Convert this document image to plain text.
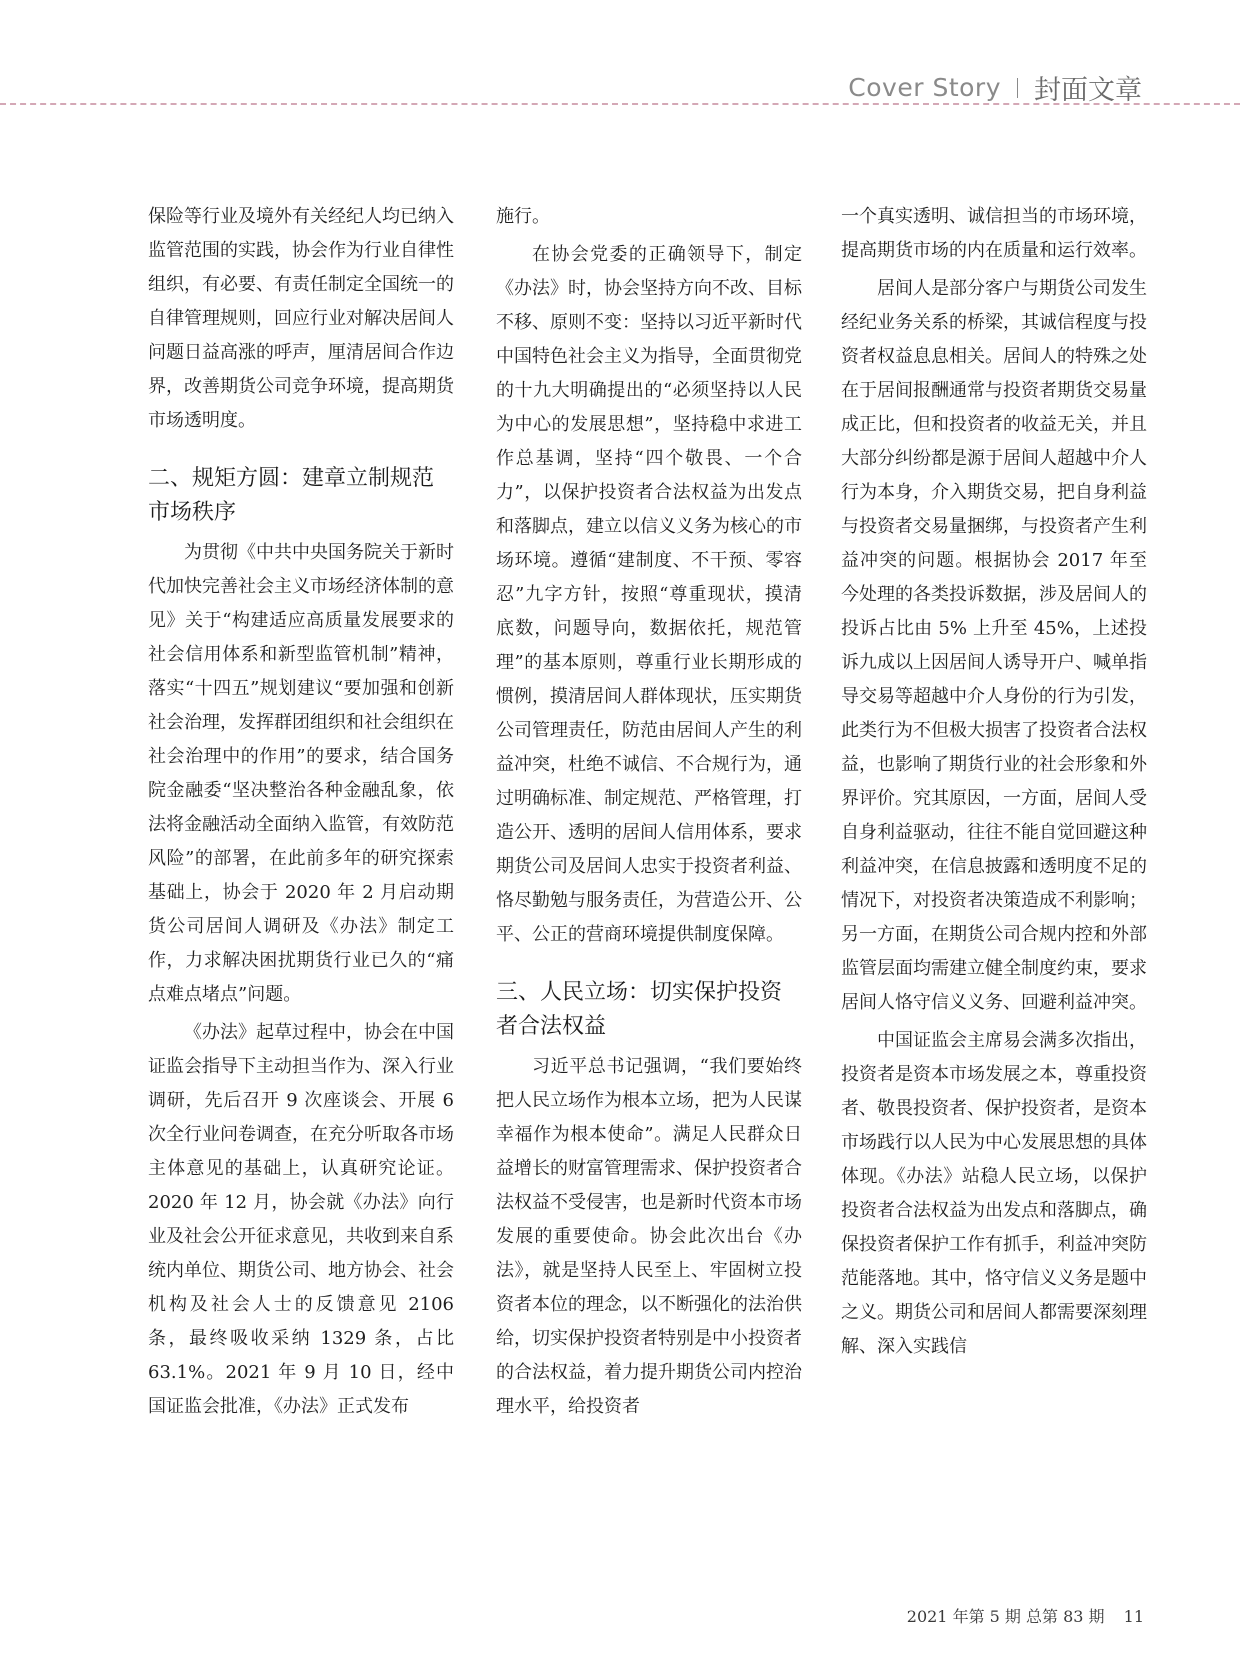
Cover Story 封面文章

保险等行业及境外有关经纪人均已纳入监管范围的实践，协会作为行业自律性组织，有必要、有责任制定全国统一的自律管理规则，回应行业对解决居间人问题日益高涨的呼声，厘清居间合作边界，改善期货公司竞争环境，提高期货市场透明度。

二、规矩方圆：建章立制规范市场秩序

为贯彻《中共中央国务院关于新时代加快完善社会主义市场经济体制的意见》关于“构建适应高质量发展要求的社会信用体系和新型监管机制”精神，落实“十四五”规划建议“要加强和创新社会治理，发挥群团组织和社会组织在社会治理中的作用”的要求，结合国务院金融委“坚决整治各种金融乱象，依法将金融活动全面纳入监管，有效防范风险”的部署，在此前多年的研究探索基础上，协会于 2020 年 2 月启动期货公司居间人调研及《办法》制定工作，力求解决困扰期货行业已久的“痛点难点堵点”问题。

《办法》起草过程中，协会在中国证监会指导下主动担当作为、深入行业调研，先后召开 9 次座谈会、开展 6 次全行业问卷调查，在充分听取各市场主体意见的基础上，认真研究论证。2020 年 12 月，协会就《办法》向行业及社会公开征求意见，共收到来自系统内单位、期货公司、地方协会、社会机构及社会人士的反馈意见 2106 条，最终吸收采纳 1329 条，占比 63.1%。2021 年 9 月 10 日，经中国证监会批准，《办法》正式发布

施行。

在协会党委的正确领导下，制定《办法》时，协会坚持方向不改、目标不移、原则不变：坚持以习近平新时代中国特色社会主义为指导，全面贯彻党的十九大明确提出的“必须坚持以人民为中心的发展思想”，坚持稳中求进工作总基调，坚持“四个敬畏、一个合力”，以保护投资者合法权益为出发点和落脚点，建立以信义义务为核心的市场环境。遵循“建制度、不干预、零容忍”九字方针，按照“尊重现状，摸清底数，问题导向，数据依托，规范管理”的基本原则，尊重行业长期形成的惯例，摸清居间人群体现状，压实期货公司管理责任，防范由居间人产生的利益冲突，杜绝不诚信、不合规行为，通过明确标准、制定规范、严格管理，打造公开、透明的居间人信用体系，要求期货公司及居间人忠实于投资者利益、恪尽勤勉与服务责任，为营造公开、公平、公正的营商环境提供制度保障。

三、人民立场：切实保护投资者合法权益

习近平总书记强调，“我们要始终把人民立场作为根本立场，把为人民谋幸福作为根本使命”。满足人民群众日益增长的财富管理需求、保护投资者合法权益不受侵害，也是新时代资本市场发展的重要使命。协会此次出台《办法》，就是坚持人民至上、牢固树立投资者本位的理念，以不断强化的法治供给，切实保护投资者特别是中小投资者的合法权益，着力提升期货公司内控治理水平，给投资者

一个真实透明、诚信担当的市场环境，提高期货市场的内在质量和运行效率。

居间人是部分客户与期货公司发生经纪业务关系的桥梁，其诚信程度与投资者权益息息相关。居间人的特殊之处在于居间报酬通常与投资者期货交易量成正比，但和投资者的收益无关，并且大部分纠纷都是源于居间人超越中介人行为本身，介入期货交易，把自身利益与投资者交易量捆绑，与投资者产生利益冲突的问题。根据协会 2017 年至今处理的各类投诉数据，涉及居间人的投诉占比由 5% 上升至 45%，上述投诉九成以上因居间人诱导开户、喊单指导交易等超越中介人身份的行为引发，此类行为不但极大损害了投资者合法权益，也影响了期货行业的社会形象和外界评价。究其原因，一方面，居间人受自身利益驱动，往往不能自觉回避这种利益冲突，在信息披露和透明度不足的情况下，对投资者决策造成不利影响；另一方面，在期货公司合规内控和外部监管层面均需建立健全制度约束，要求居间人恪守信义义务、回避利益冲突。

中国证监会主席易会满多次指出，投资者是资本市场发展之本，尊重投资者、敬畏投资者、保护投资者，是资本市场践行以人民为中心发展思想的具体体现。《办法》站稳人民立场，以保护投资者合法权益为出发点和落脚点，确保投资者保护工作有抓手，利益冲突防范能落地。其中，恪守信义义务是题中之义。期货公司和居间人都需要深刻理解、深入实践信

2021 年第 5 期 总第 83 期 11
